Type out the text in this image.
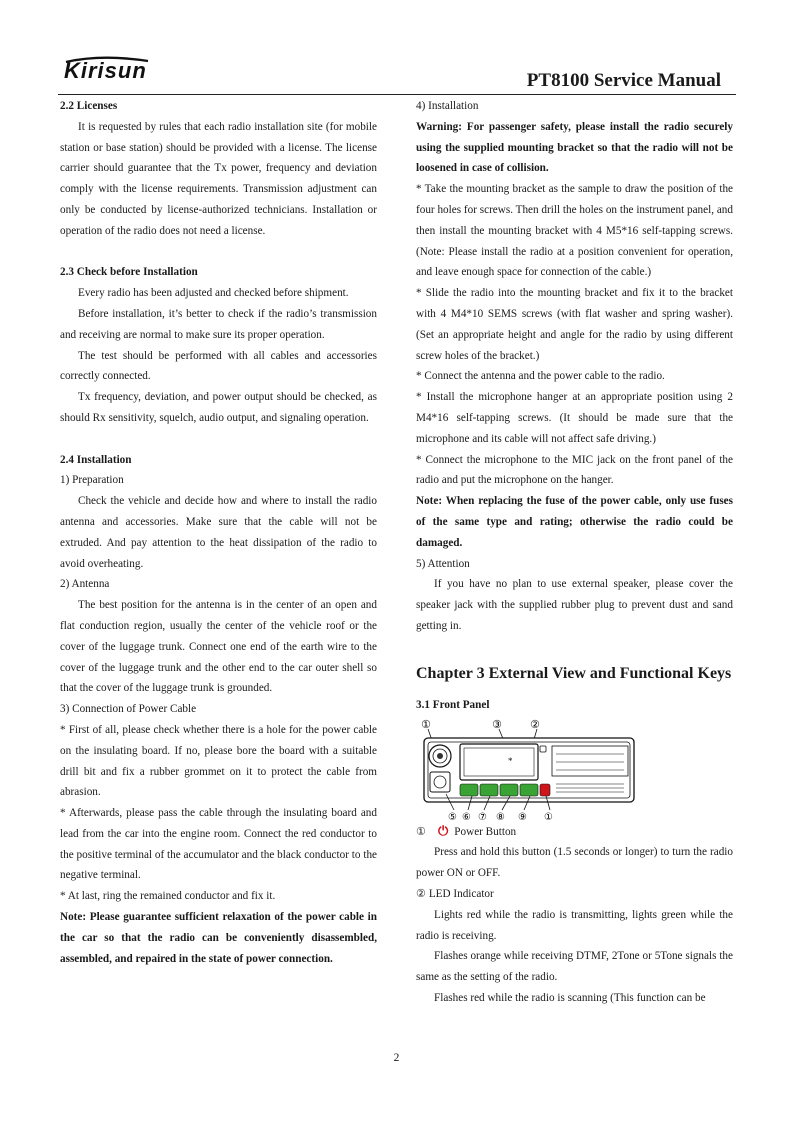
Kirisun	PT8100 Service Manual

2.2 Licenses

It is requested by rules that each radio installation site (for mobile station or base station) should be provided with a license. The license carrier should guarantee that the Tx power, frequency and deviation comply with the license requirements. Transmission adjustment can only be conducted by license-authorized technicians. Installation or operation of the radio does not need a license.

2.3 Check before Installation

Every radio has been adjusted and checked before shipment.

Before installation, it’s better to check if the radio’s transmission and receiving are normal to make sure its proper operation.

The test should be performed with all cables and accessories correctly connected.

Tx frequency, deviation, and power output should be checked, as should Rx sensitivity, squelch, audio output, and signaling operation.

2.4 Installation

1) Preparation

Check the vehicle and decide how and where to install the radio antenna and accessories. Make sure that the cable will not be extruded. And pay attention to the heat dissipation of the radio to avoid overheating.

2) Antenna

The best position for the antenna is in the center of an open and flat conduction region, usually the center of the vehicle roof or the cover of the luggage trunk. Connect one end of the earth wire to the cover of the luggage trunk and the other end to the car outer shell so that the cover of the luggage trunk is grounded.

3) Connection of Power Cable

* First of all, please check whether there is a hole for the power cable on the insulating board. If no, please bore the board with a suitable drill bit and fix a rubber grommet on it to protect the cable from abrasion.

* Afterwards, please pass the cable through the insulating board and lead from the car into the engine room. Connect the red conductor to the positive terminal of the accumulator and the black conductor to the negative terminal.

* At last, ring the remained conductor and fix it.

Note: Please guarantee sufficient relaxation of the power cable in the car so that the radio can be conveniently disassembled, assembled, and repaired in the state of power connection.

4) Installation

Warning: For passenger safety, please install the radio securely using the supplied mounting bracket so that the radio will not be loosened in case of collision.

* Take the mounting bracket as the sample to draw the position of the four holes for screws. Then drill the holes on the instrument panel, and then install the mounting bracket with 4 M5*16 self-tapping screws. (Note: Please install the radio at a position convenient for operation, and leave enough space for connection of the cable.)

* Slide the radio into the mounting bracket and fix it to the bracket with 4 M4*10 SEMS screws (with flat washer and spring washer). (Set an appropriate height and angle for the radio by using different screw holes of the bracket.)

* Connect the antenna and the power cable to the radio.

* Install the microphone hanger at an appropriate position using 2 M4*16 self-tapping screws. (It should be made sure that the microphone and its cable will not affect safe driving.)

* Connect the microphone to the MIC jack on the front panel of the radio and put the microphone on the hanger.

Note: When replacing the fuse of the power cable, only use fuses of the same type and rating; otherwise the radio could be damaged.

5) Attention

If you have no plan to use external speaker, please cover the speaker jack with the supplied rubber plug to prevent dust and sand getting in.

Chapter 3 External View and Functional Keys

3.1 Front Panel

①	③	②
*
⑤ ⑥ ⑦ ⑧ ⑨ ①

① ⏻ Power Button

Press and hold this button (1.5 seconds or longer) to turn the radio power ON or OFF.

② LED Indicator

Lights red while the radio is transmitting, lights green while the radio is receiving.

Flashes orange while receiving DTMF, 2Tone or 5Tone signals the same as the setting of the radio.

Flashes red while the radio is scanning (This function can be

2
